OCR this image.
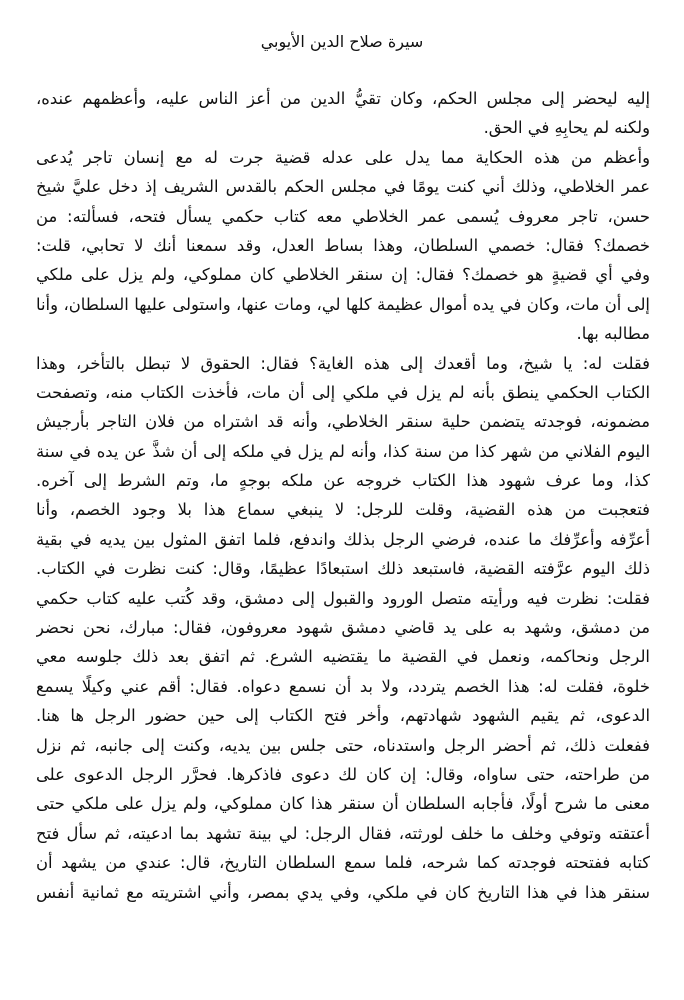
سيرة صلاح الدين الأيوبي
إليه ليحضر إلى مجلس الحكم، وكان تقيُّ الدين من أعز الناس عليه، وأعظمهم عنده،
ولكنه لم يحابِهِ في الحق.
وأعظم من هذه الحكاية مما يدل على عدله قضية جرت له مع إنسان تاجر يُدعى
عمر الخلاطي، وذلك أني كنت يومًا في مجلس الحكم بالقدس الشريف إذ دخل عليَّ شيخ
حسن، تاجر معروف يُسمى عمر الخلاطي معه كتاب حكمي يسأل فتحه، فسألته: من
خصمك؟ فقال: خصمي السلطان، وهذا بساط العدل، وقد سمعنا أنك لا تحابي، قلت:
وفي أي قضيةٍ هو خصمك؟ فقال: إن سنقر الخلاطي كان مملوكي، ولم يزل على ملكي
إلى أن مات، وكان في يده أموال عظيمة كلها لي، ومات عنها، واستولى عليها السلطان، وأنا
مطالبه بها.
فقلت له: يا شيخ، وما أقعدك إلى هذه الغاية؟ فقال: الحقوق لا تبطل بالتأخر، وهذا
الكتاب الحكمي ينطق بأنه لم يزل في ملكي إلى أن مات، فأخذت الكتاب منه، وتصفحت
مضمونه، فوجدته يتضمن حلية سنقر الخلاطي، وأنه قد اشتراه من فلان التاجر بأرجيش
اليوم الفلاني من شهر كذا من سنة كذا، وأنه لم يزل في ملكه إلى أن شذَّ عن يده في سنة
كذا، وما عرف شهود هذا الكتاب خروجه عن ملكه بوجهٍ ما، وتم الشرط إلى آخره.
فتعجبت من هذه القضية، وقلت للرجل: لا ينبغي سماع هذا بلا وجود الخصم، وأنا
أعرِّفه وأعرِّفك ما عنده، فرضي الرجل بذلك واندفع، فلما اتفق المثول بين يديه في بقية
ذلك اليوم عرَّفته القضية، فاستبعد ذلك استبعادًا عظيمًا، وقال: كنت نظرت في الكتاب.
فقلت: نظرت فيه ورأيته متصل الورود والقبول إلى دمشق، وقد كُتب عليه كتاب حكمي
من دمشق، وشهد به على يد قاضي دمشق شهود معروفون، فقال: مبارك، نحن نحضر
الرجل ونحاكمه، ونعمل في القضية ما يقتضيه الشرع. ثم اتفق بعد ذلك جلوسه معي
خلوة، فقلت له: هذا الخصم يتردد، ولا بد أن نسمع دعواه. فقال: أقم عني وكيلًا يسمع
الدعوى، ثم يقيم الشهود شهادتهم، وأخر فتح الكتاب إلى حين حضور الرجل ها هنا.
ففعلت ذلك، ثم أحضر الرجل واستدناه، حتى جلس بين يديه، وكنت إلى جانبه، ثم نزل
من طراحته، حتى ساواه، وقال: إن كان لك دعوى فاذكرها. فحرَّر الرجل الدعوى على
معنى ما شرح أولًا، فأجابه السلطان أن سنقر هذا كان مملوكي، ولم يزل على ملكي حتى
أعتقته وتوفي وخلف ما خلف لورثته، فقال الرجل: لي بينة تشهد بما ادعيته، ثم سأل فتح
كتابه ففتحته فوجدته كما شرحه، فلما سمع السلطان التاريخ، قال: عندي من يشهد أن
سنقر هذا في هذا التاريخ كان في ملكي، وفي يدي بمصر، وأني اشتريته مع ثمانية أنفس
